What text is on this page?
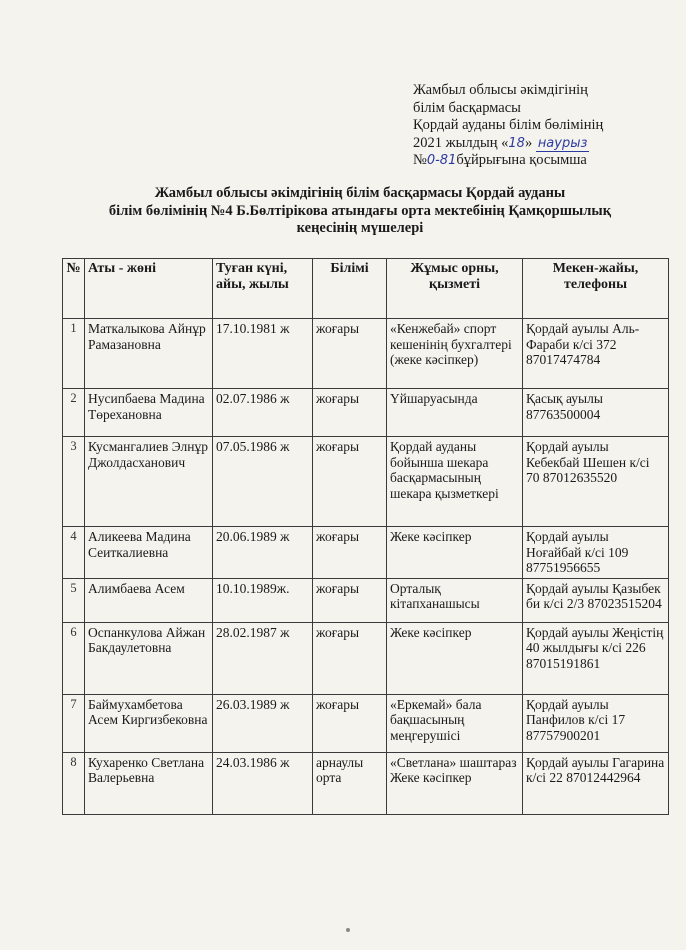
Жамбыл облысы әкімдігінің
білім басқармасы
Қордай ауданы білім бөлімінің
2021 жылдың «18» наурыз
№0-81бұйрығына қосымша
Жамбыл облысы әкімдігінің білім басқармасы Қордай ауданы
білім бөлімінің №4 Б.Бөлтірікова атындағы орта мектебінің Қамқоршылық
кеңесінің мүшелері
№	Аты - жөні	Туған күні, айы, жылы	Білімі	Жұмыс орны, қызметі	Мекен-жайы, телефоны
1	Маткалыкова Айнұр Рамазановна	17.10.1981 ж	жоғары	«Кенжебай» спорт кешенінің бухгалтері (жеке кәсіпкер)	Қордай ауылы Аль-Фараби к/сі 372 87017474784
2	Нусипбаева Мадина Төрехановна	02.07.1986 ж	жоғары	Үйшаруасында	Қасық ауылы 87763500004
3	Кусмангалиев Элнұр Джолдасханович	07.05.1986 ж	жоғары	Қордай ауданы бойынша шекара басқармасының шекара қызметкері	Қордай ауылы Кебекбай Шешен к/сі 70 87012635520
4	Аликеева Мадина Сеиткалиевна	20.06.1989 ж	жоғары	Жеке кәсіпкер	Қордай ауылы Ноғайбай к/сі 109 87751956655
5	Алимбаева Асем	10.10.1989ж.	жоғары	Орталық кітапханашысы	Қордай ауылы Қазыбек би к/сі 2/3 87023515204
6	Оспанкулова Айжан Бакдаулетовна	28.02.1987 ж	жоғары	Жеке кәсіпкер	Қордай ауылы Жеңістің 40 жылдығы к/сі 226 87015191861
7	Баймухамбетова Асем Киргизбековна	26.03.1989 ж	жоғары	«Еркемай» бала бақшасының меңгерушісі	Қордай ауылы Панфилов к/сі 17 87757900201
8	Кухаренко Светлана Валерьевна	24.03.1986 ж	арнаулы орта	«Светлана» шаштараз Жеке кәсіпкер	Қордай ауылы Гагарина к/сі 22 87012442964
